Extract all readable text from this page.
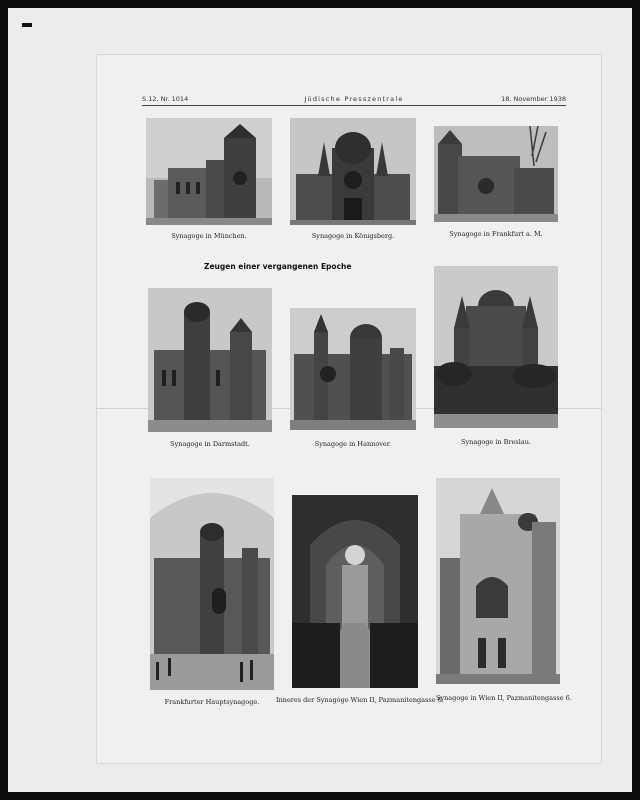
S.12, Nr. 1014	Jüdische Presszentrale	18. November 1938
Zeugen einer vergangenen Epoche
Synagoge in München.	Synagoge in Königsberg.	Synagoge in Frankfurt a. M.
Synagoge in Darmstadt.	Synagoge in Hannover.	Synagoge in Breslau.
Frankfurter Hauptsynagoge.	Inneres der Synagoge Wien II, Pazmanitengasse 6.
Synagoge in Wien II, Pazmanitengasse 6.
